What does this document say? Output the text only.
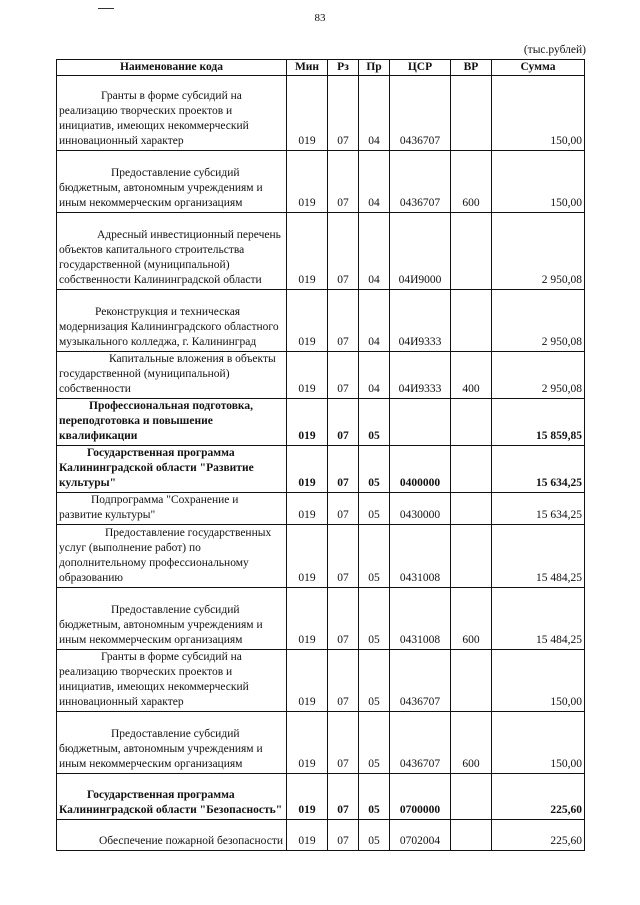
83
(тыс.рублей)
Наименование кода	Мин	Рз	Пр	ЦСР	ВР	Сумма
Гранты в форме субсидий на реализацию творческих проектов и инициатив, имеющих некоммерческий инновационный характер	019	07	04	0436707		150,00
Предоставление субсидий бюджетным, автономным учреждениям и иным некоммерческим организациям	019	07	04	0436707	600	150,00
Адресный инвестиционный перечень объектов капитального строительства государственной (муниципальной) собственности Калининградской области	019	07	04	04И9000		2 950,08
Реконструкция и техническая модернизация Калининградского областного музыкального колледжа, г. Калининград	019	07	04	04И9333		2 950,08
Капитальные вложения в объекты государственной (муниципальной) собственности	019	07	04	04И9333	400	2 950,08
Профессиональная подготовка, переподготовка и повышение квалификации	019	07	05			15 859,85
Государственная программа Калининградской области "Развитие культуры"	019	07	05	0400000		15 634,25
Подпрограмма "Сохранение и развитие культуры"	019	07	05	0430000		15 634,25
Предоставление государственных услуг (выполнение работ) по дополнительному профессиональному образованию	019	07	05	0431008		15 484,25
Предоставление субсидий бюджетным, автономным учреждениям и иным некоммерческим организациям	019	07	05	0431008	600	15 484,25
Гранты в форме субсидий на реализацию творческих проектов и инициатив, имеющих некоммерческий инновационный характер	019	07	05	0436707		150,00
Предоставление субсидий бюджетным, автономным учреждениям и иным некоммерческим организациям	019	07	05	0436707	600	150,00
Государственная программа Калининградской области "Безопасность"	019	07	05	0700000		225,60
Обеспечение пожарной безопасности	019	07	05	0702004		225,60
